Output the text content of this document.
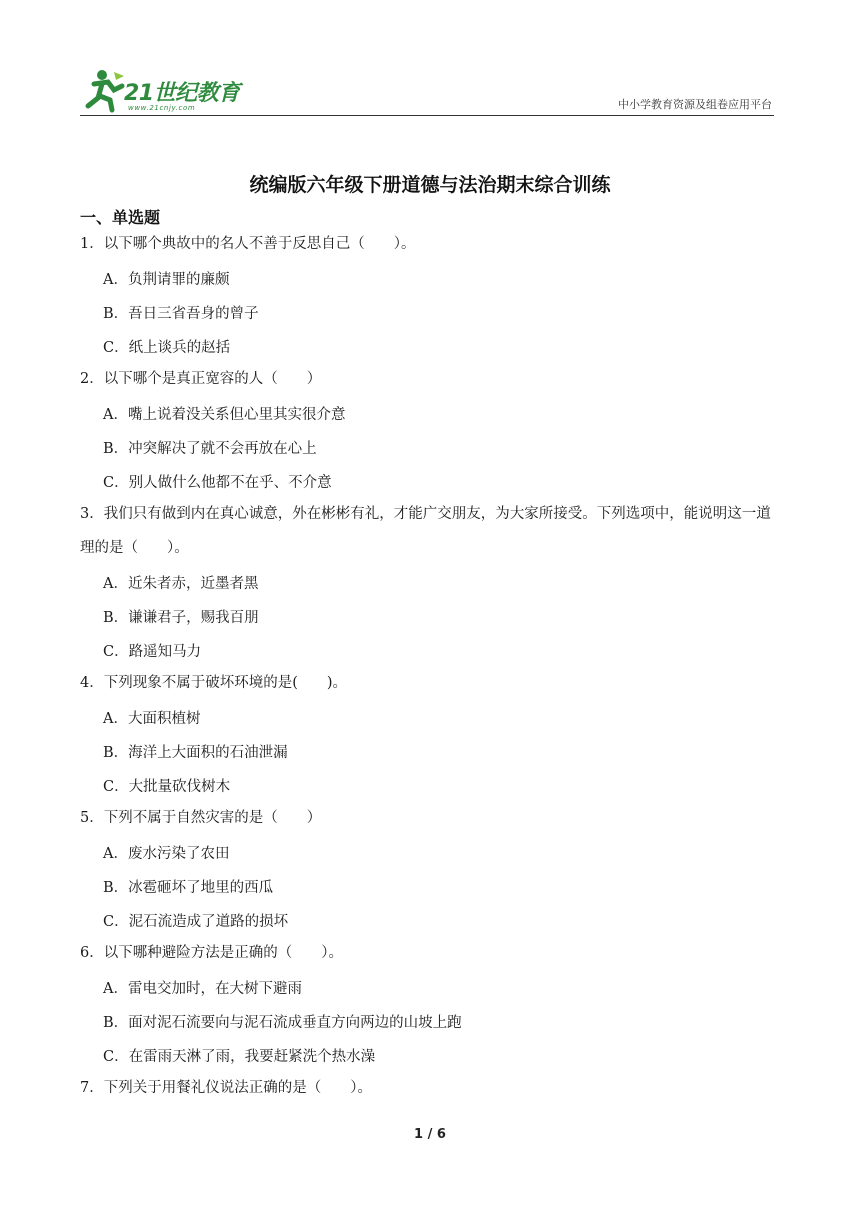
21世纪教育
www.21cnjy.com	中小学教育资源及组卷应用平台
统编版六年级下册道德与法治期末综合训练
一、单选题
1．以下哪个典故中的名人不善于反思自己（　　）。
A．负荆请罪的廉颇
B．吾日三省吾身的曾子
C．纸上谈兵的赵括
2．以下哪个是真正宽容的人（　　）
A．嘴上说着没关系但心里其实很介意
B．冲突解决了就不会再放在心上
C．别人做什么他都不在乎、不介意
3．我们只有做到内在真心诚意，外在彬彬有礼，才能广交朋友，为大家所接受。下列选项中，能说明这一道理的是（　　）。
A．近朱者赤，近墨者黑
B．谦谦君子，赐我百朋
C．路遥知马力
4．下列现象不属于破坏环境的是(　　)。
A．大面积植树
B．海洋上大面积的石油泄漏
C．大批量砍伐树木
5．下列不属于自然灾害的是（　　）
A．废水污染了农田
B．冰雹砸坏了地里的西瓜
C．泥石流造成了道路的损坏
6．以下哪种避险方法是正确的（　　）。
A．雷电交加时，在大树下避雨
B．面对泥石流要向与泥石流成垂直方向两边的山坡上跑
C．在雷雨天淋了雨，我要赶紧洗个热水澡
7．下列关于用餐礼仪说法正确的是（　　）。
1 / 6
